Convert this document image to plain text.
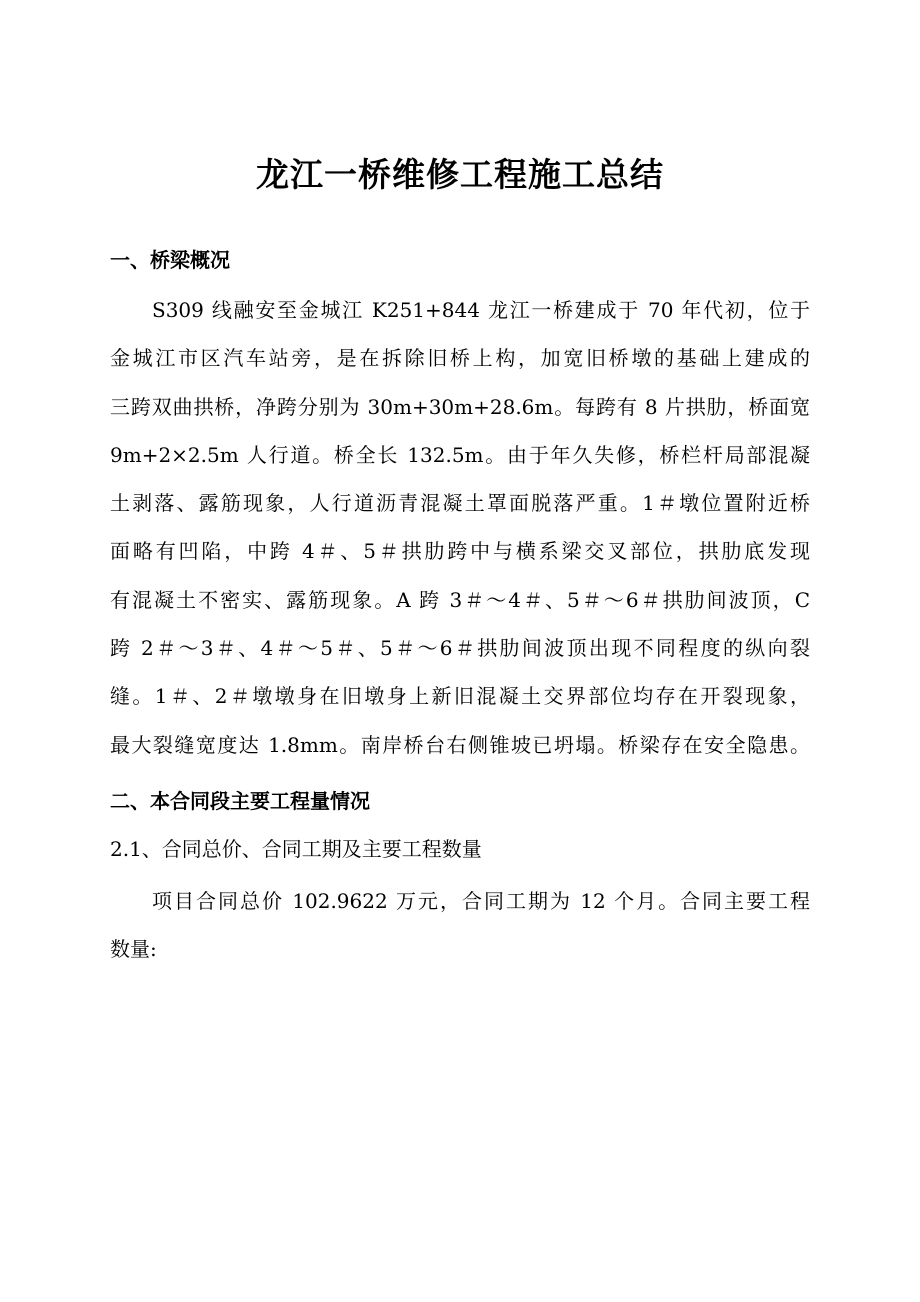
龙江一桥维修工程施工总结
一、桥梁概况
S309 线融安至金城江 K251+844 龙江一桥建成于 70 年代初，位于
金城江市区汽车站旁，是在拆除旧桥上构，加宽旧桥墩的基础上建成的
三跨双曲拱桥，净跨分别为 30m+30m+28.6m。每跨有 8 片拱肋，桥面宽
9m+2×2.5m 人行道。桥全长 132.5m。由于年久失修，桥栏杆局部混凝
土剥落、露筋现象，人行道沥青混凝土罩面脱落严重。1＃墩位置附近桥
面略有凹陷，中跨 4＃、5＃拱肋跨中与横系梁交叉部位，拱肋底发现
有混凝土不密实、露筋现象。A 跨 3＃～4＃、5＃～6＃拱肋间波顶，C
跨 2＃～3＃、4＃～5＃、5＃～6＃拱肋间波顶出现不同程度的纵向裂
缝。1＃、2＃墩墩身在旧墩身上新旧混凝土交界部位均存在开裂现象，
最大裂缝宽度达 1.8mm。南岸桥台右侧锥坡已坍塌。桥梁存在安全隐患。
二、本合同段主要工程量情况
2.1、合同总价、合同工期及主要工程数量
项目合同总价 102.9622 万元，合同工期为 12 个月。合同主要工程
数量:
